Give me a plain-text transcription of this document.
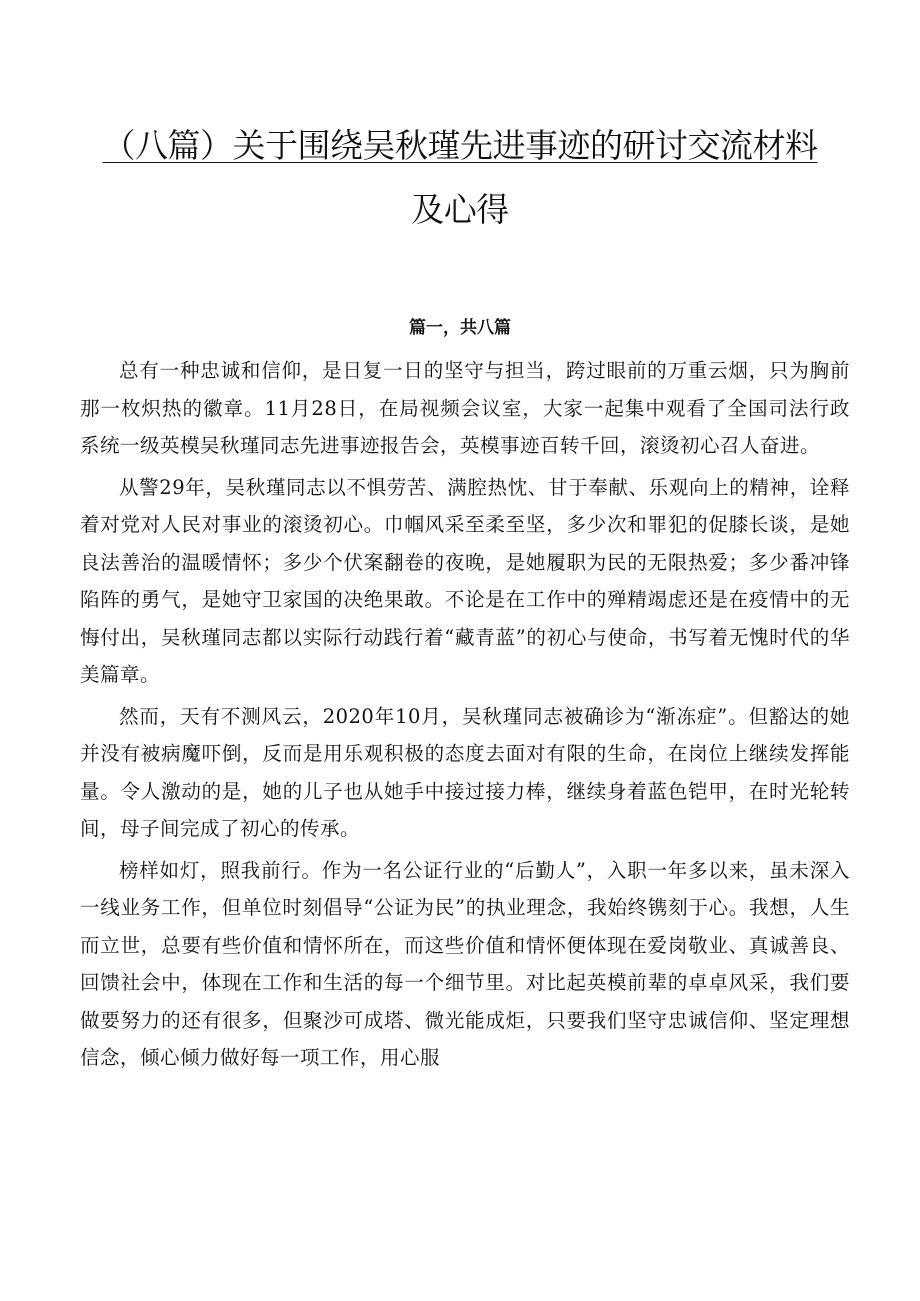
（八篇）关于围绕吴秋瑾先进事迹的研讨交流材料
及心得
篇一，共八篇

总有一种忠诚和信仰，是日复一日的坚守与担当，跨过眼前的万重云烟，只为胸前那一枚炽热的徽章。11月28日，在局视频会议室，大家一起集中观看了全国司法行政系统一级英模吴秋瑾同志先进事迹报告会，英模事迹百转千回，滚烫初心召人奋进。

从警29年，吴秋瑾同志以不惧劳苦、满腔热忱、甘于奉献、乐观向上的精神，诠释着对党对人民对事业的滚烫初心。巾帼风采至柔至坚，多少次和罪犯的促膝长谈，是她良法善治的温暖情怀；多少个伏案翻卷的夜晚，是她履职为民的无限热爱；多少番冲锋陷阵的勇气，是她守卫家国的决绝果敢。不论是在工作中的殚精竭虑还是在疫情中的无悔付出，吴秋瑾同志都以实际行动践行着“藏青蓝”的初心与使命，书写着无愧时代的华美篇章。

然而，天有不测风云，2020年10月，吴秋瑾同志被确诊为“渐冻症”。但豁达的她并没有被病魔吓倒，反而是用乐观积极的态度去面对有限的生命，在岗位上继续发挥能量。令人激动的是，她的儿子也从她手中接过接力棒，继续身着蓝色铠甲，在时光轮转间，母子间完成了初心的传承。

榜样如灯，照我前行。作为一名公证行业的“后勤人”，入职一年多以来，虽未深入一线业务工作，但单位时刻倡导“公证为民”的执业理念，我始终镌刻于心。我想，人生而立世，总要有些价值和情怀所在，而这些价值和情怀便体现在爱岗敬业、真诚善良、回馈社会中，体现在工作和生活的每一个细节里。对比起英模前辈的卓卓风采，我们要做要努力的还有很多，但聚沙可成塔、微光能成炬，只要我们坚守忠诚信仰、坚定理想信念，倾心倾力做好每一项工作，用心服
